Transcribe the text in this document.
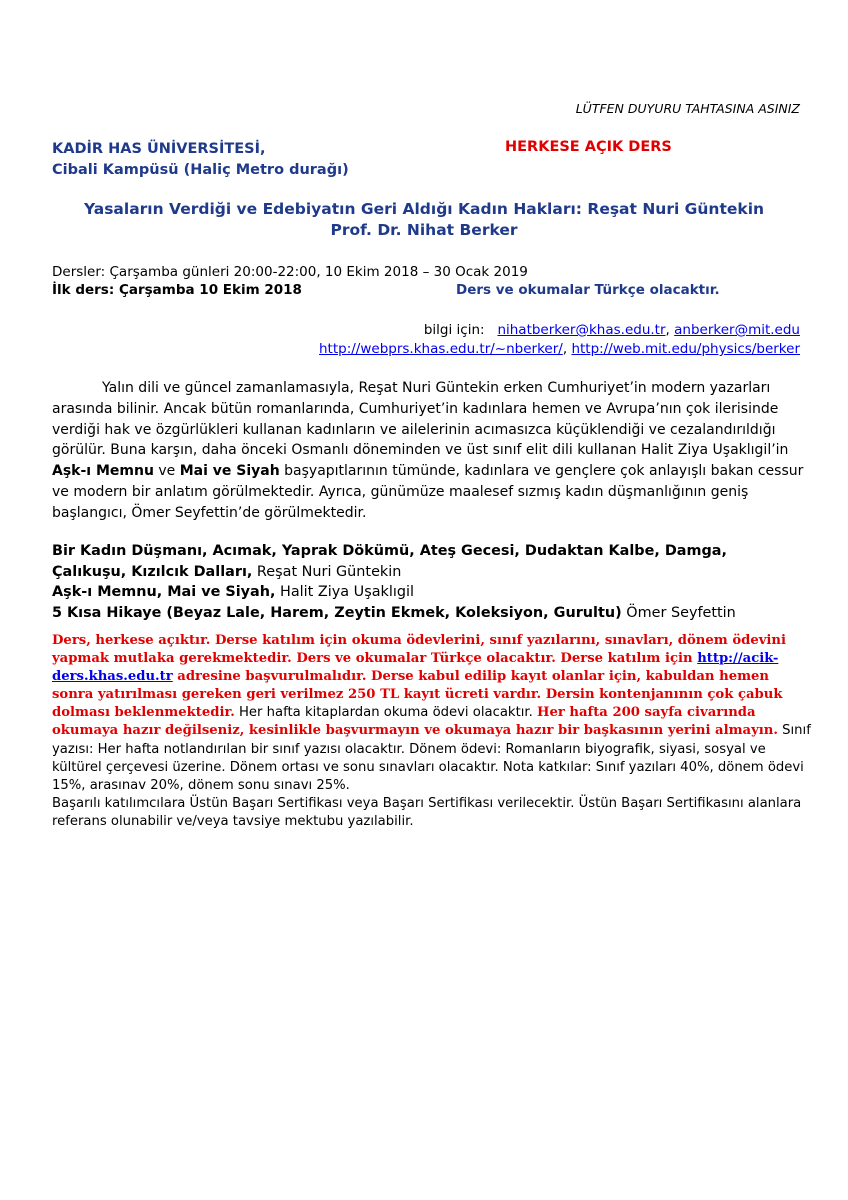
LÜTFEN DUYURU TAHTASINA ASINIZ
KADİR HAS ÜNİVERSİTESİ,
Cibali Kampüsü (Haliç Metro durağı)
HERKESE AÇIK DERS
Yasaların Verdiği ve Edebiyatın Geri Aldığı Kadın Hakları: Reşat Nuri Güntekin
Prof. Dr. Nihat Berker
Dersler: Çarşamba günleri 20:00-22:00, 10 Ekim 2018 – 30 Ocak 2019
İlk ders: Çarşamba 10 Ekim 2018	Ders ve okumalar Türkçe olacaktır.
bilgi için: nihatberker@khas.edu.tr, anberker@mit.edu
http://webprs.khas.edu.tr/~nberker/, http://web.mit.edu/physics/berker

Yalın dili ve güncel zamanlamasıyla, Reşat Nuri Güntekin erken Cumhuriyet’in modern yazarları arasında bilinir. Ancak bütün romanlarında, Cumhuriyet’in kadınlara hemen ve Avrupa’nın çok ilerisinde verdiği hak ve özgürlükleri kullanan kadınların ve ailelerinin acımasızca küçüklendiği ve cezalandırıldığı görülür. Buna karşın, daha önceki Osmanlı döneminden ve üst sınıf elit dili kullanan Halit Ziya Uşaklıgil’in Aşk-ı Memnu ve Mai ve Siyah başyapıtlarının tümünde, kadınlara ve gençlere çok anlayışlı bakan cessur ve modern bir anlatım görülmektedir. Ayrıca, günümüze maalesef sızmış kadın düşmanlığının geniş başlangıcı, Ömer Seyfettin’de görülmektedir.

Bir Kadın Düşmanı, Acımak, Yaprak Dökümü, Ateş Gecesi, Dudaktan Kalbe, Damga,
Çalıkuşu, Kızılcık Dalları, Reşat Nuri Güntekin
Aşk-ı Memnu, Mai ve Siyah, Halit Ziya Uşaklıgil
5 Kısa Hikaye (Beyaz Lale, Harem, Zeytin Ekmek, Koleksiyon, Gurultu) Ömer Seyfettin
Ders, herkese açıktır. Derse katılım için okuma ödevlerini, sınıf yazılarını, sınavları, dönem ödevini yapmak mutlaka gerekmektedir. Ders ve okumalar Türkçe olacaktır. Derse katılım için http://acik-ders.khas.edu.tr adresine başvurulmalıdır. Derse kabul edilip kayıt olanlar için, kabuldan hemen sonra yatırılması gereken geri verilmez 250 TL kayıt ücreti vardır. Dersin kontenjanının çok çabuk dolması beklenmektedir. Her hafta kitaplardan okuma ödevi olacaktır. Her hafta 200 sayfa civarında okumaya hazır değilseniz, kesinlikle başvurmayın ve okumaya hazır bir başkasının yerini almayın. Sınıf yazısı: Her hafta notlandırılan bir sınıf yazısı olacaktır. Dönem ödevi: Romanların biyografik, siyasi, sosyal ve kültürel çerçevesi üzerine. Dönem ortası ve sonu sınavları olacaktır. Nota katkılar: Sınıf yazıları 40%, dönem ödevi 15%, arasınav 20%, dönem sonu sınavı 25%.
Başarılı katılımcılara Üstün Başarı Sertifikası veya Başarı Sertifikası verilecektir. Üstün Başarı Sertifikasını alanlara referans olunabilir ve/veya tavsiye mektubu yazılabilir.
